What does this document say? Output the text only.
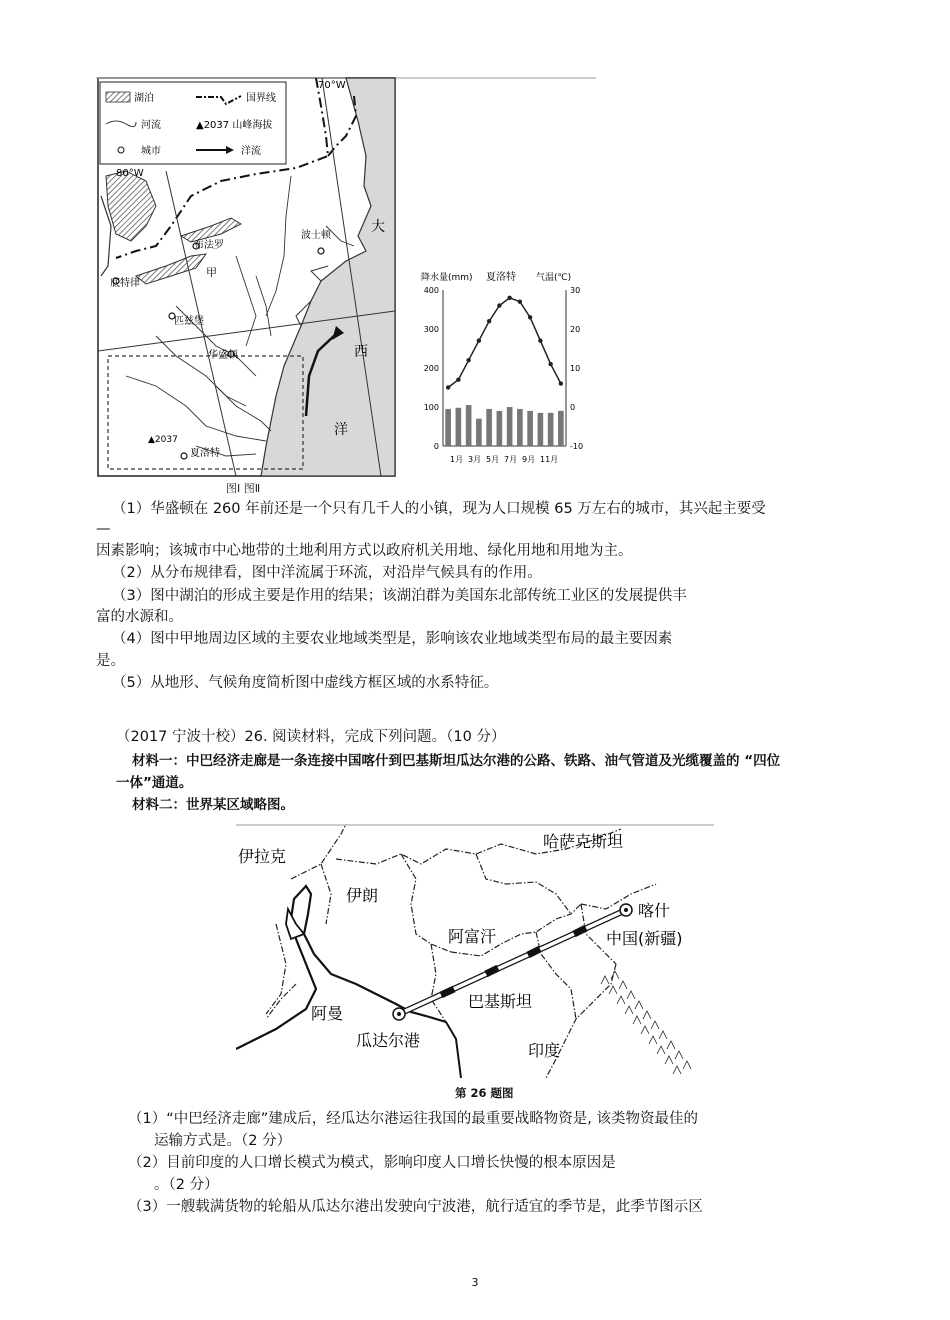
湖泊	国界线
河流	▲2037 山峰海拔
城市	洋流
70°W
80°W
布法罗
甲
波士顿
匹兹堡
华盛顿
夏洛特
▲2037
底特律
大
西
洋
降水量(mm) 夏洛特 气温(℃)
400
300
200
100
0
30
20
10
0
-10
1月 3月 5月 7月 9月 11月
图Ⅰ 图Ⅱ
（1）华盛顿在 260 年前还是一个只有几千人的小镇，现为人口规模 65 万左右的城市，其兴起主要受
—
因素影响；该城市中心地带的土地利用方式以政府机关用地、绿化用地和用地为主。
（2）从分布规律看，图中洋流属于环流，对沿岸气候具有的作用。
（3）图中湖泊的形成主要是作用的结果；该湖泊群为美国东北部传统工业区的发展提供丰
富的水源和。
（4）图中甲地周边区域的主要农业地域类型是，影响该农业地域类型布局的最主要因素
是。
（5）从地形、气候角度简析图中虚线方框区域的水系特征。
（2017 宁波十校）26. 阅读材料，完成下列问题。（10 分）
材料一：中巴经济走廊是一条连接中国喀什到巴基斯坦瓜达尔港的公路、铁路、油气管道及光缆覆盖的 “四位
一体”通道。
材料二：世界某区域略图。
伊拉克
伊朗
哈萨克斯坦
阿富汗
喀什
中国(新疆)
巴基斯坦
阿曼
瓜达尔港
印度
第 26 题图
（1）“中巴经济走廊”建成后，经瓜达尔港运往我国的最重要战略物资是, 该类物资最佳的
运输方式是。（2 分）
（2）目前印度的人口增长模式为模式，影响印度人口增长快慢的根本原因是
。（2 分）
（3）一艘载满货物的轮船从瓜达尔港出发驶向宁波港，航行适宜的季节是，此季节图示区
3
